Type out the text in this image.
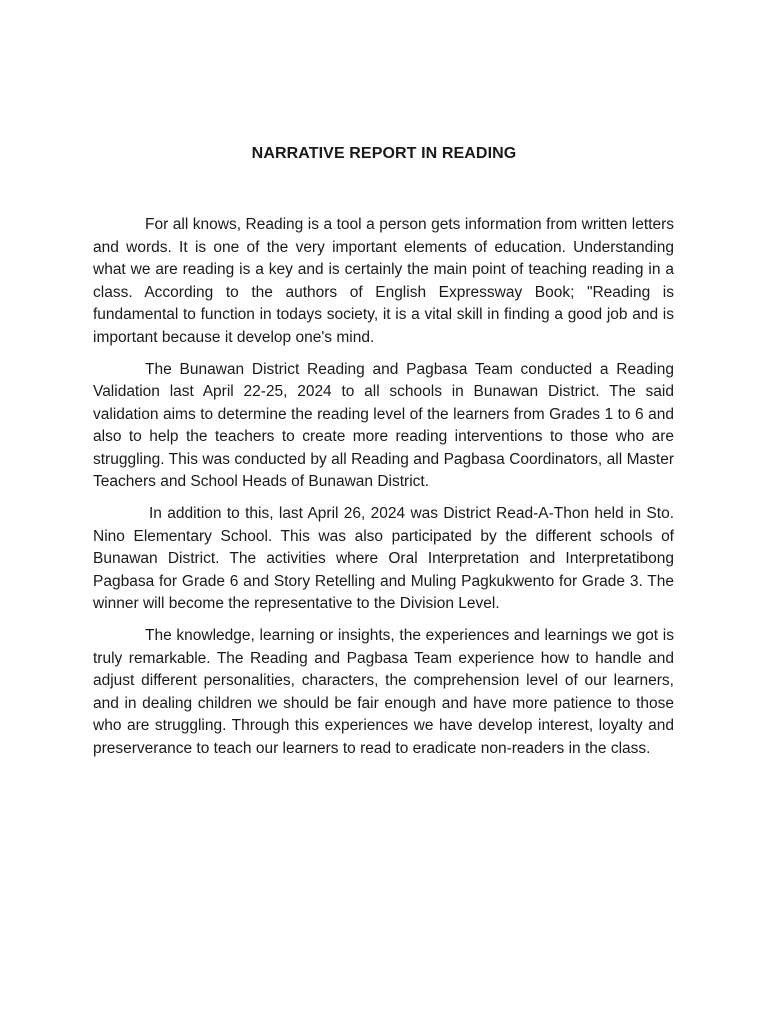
NARRATIVE REPORT IN READING

For all knows, Reading is a tool a person gets information from written letters and words. It is one of the very important elements of education. Understanding what we are reading is a key and is certainly the main point of teaching reading in a class. According to the authors of English Expressway Book; "Reading is fundamental to function in todays society, it is a vital skill in finding a good job and is important because it develop one's mind.

The Bunawan District Reading and Pagbasa Team conducted a Reading Validation last April 22-25, 2024 to all schools in Bunawan District. The said validation aims to determine the reading level of the learners from Grades 1 to 6 and also to help the teachers to create more reading interventions to those who are struggling. This was conducted by all Reading and Pagbasa Coordinators, all Master Teachers and School Heads of Bunawan District.

In addition to this, last April 26, 2024 was District Read-A-Thon held in Sto. Nino Elementary School. This was also participated by the different schools of Bunawan District. The activities where Oral Interpretation and Interpretatibong Pagbasa for Grade 6 and Story Retelling and Muling Pagkukwento for Grade 3. The winner will become the representative to the Division Level.

The knowledge, learning or insights, the experiences and learnings we got is truly remarkable. The Reading and Pagbasa Team experience how to handle and adjust different personalities, characters, the comprehension level of our learners, and in dealing children we should be fair enough and have more patience to those who are struggling. Through this experiences we have develop interest, loyalty and preserverance to teach our learners to read to eradicate non-readers in the class.
